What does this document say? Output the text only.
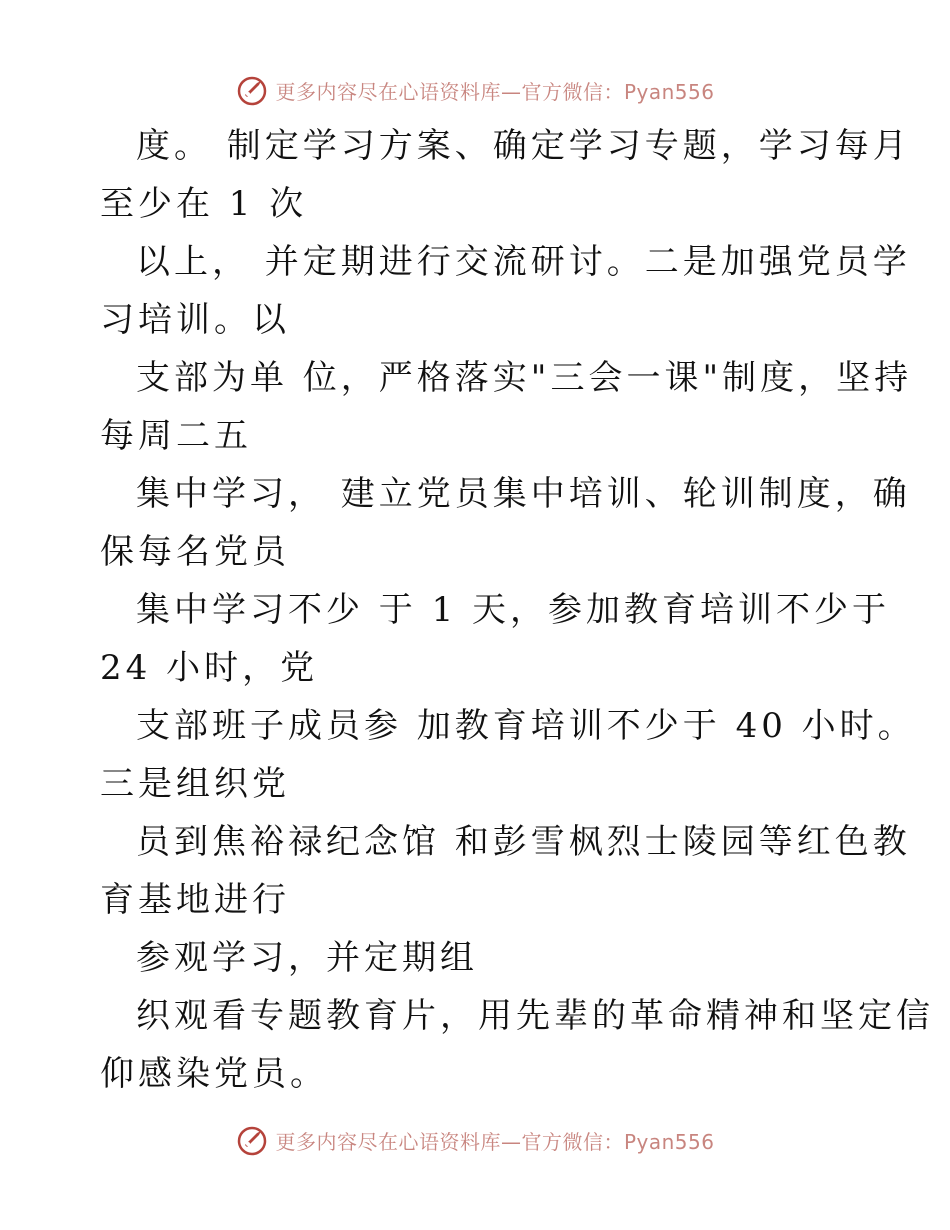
更多内容尽在心语资料库—官方微信：Pyan556
度。 制定学习方案、确定学习专题，学习每月
至少在 1 次
以上， 并定期进行交流研讨。二是加强党员学
习培训。以
支部为单 位，严格落实"三会一课"制度，坚持
每周二五
集中学习， 建立党员集中培训、轮训制度，确
保每名党员
集中学习不少 于 1 天，参加教育培训不少于
24 小时，党
支部班子成员参 加教育培训不少于 40 小时。
三是组织党
员到焦裕禄纪念馆 和彭雪枫烈士陵园等红色教
育基地进行
参观学习，并定期组
织观看专题教育片，用先辈的革命精神和坚定信
仰感染党员。
更多内容尽在心语资料库—官方微信：Pyan556
